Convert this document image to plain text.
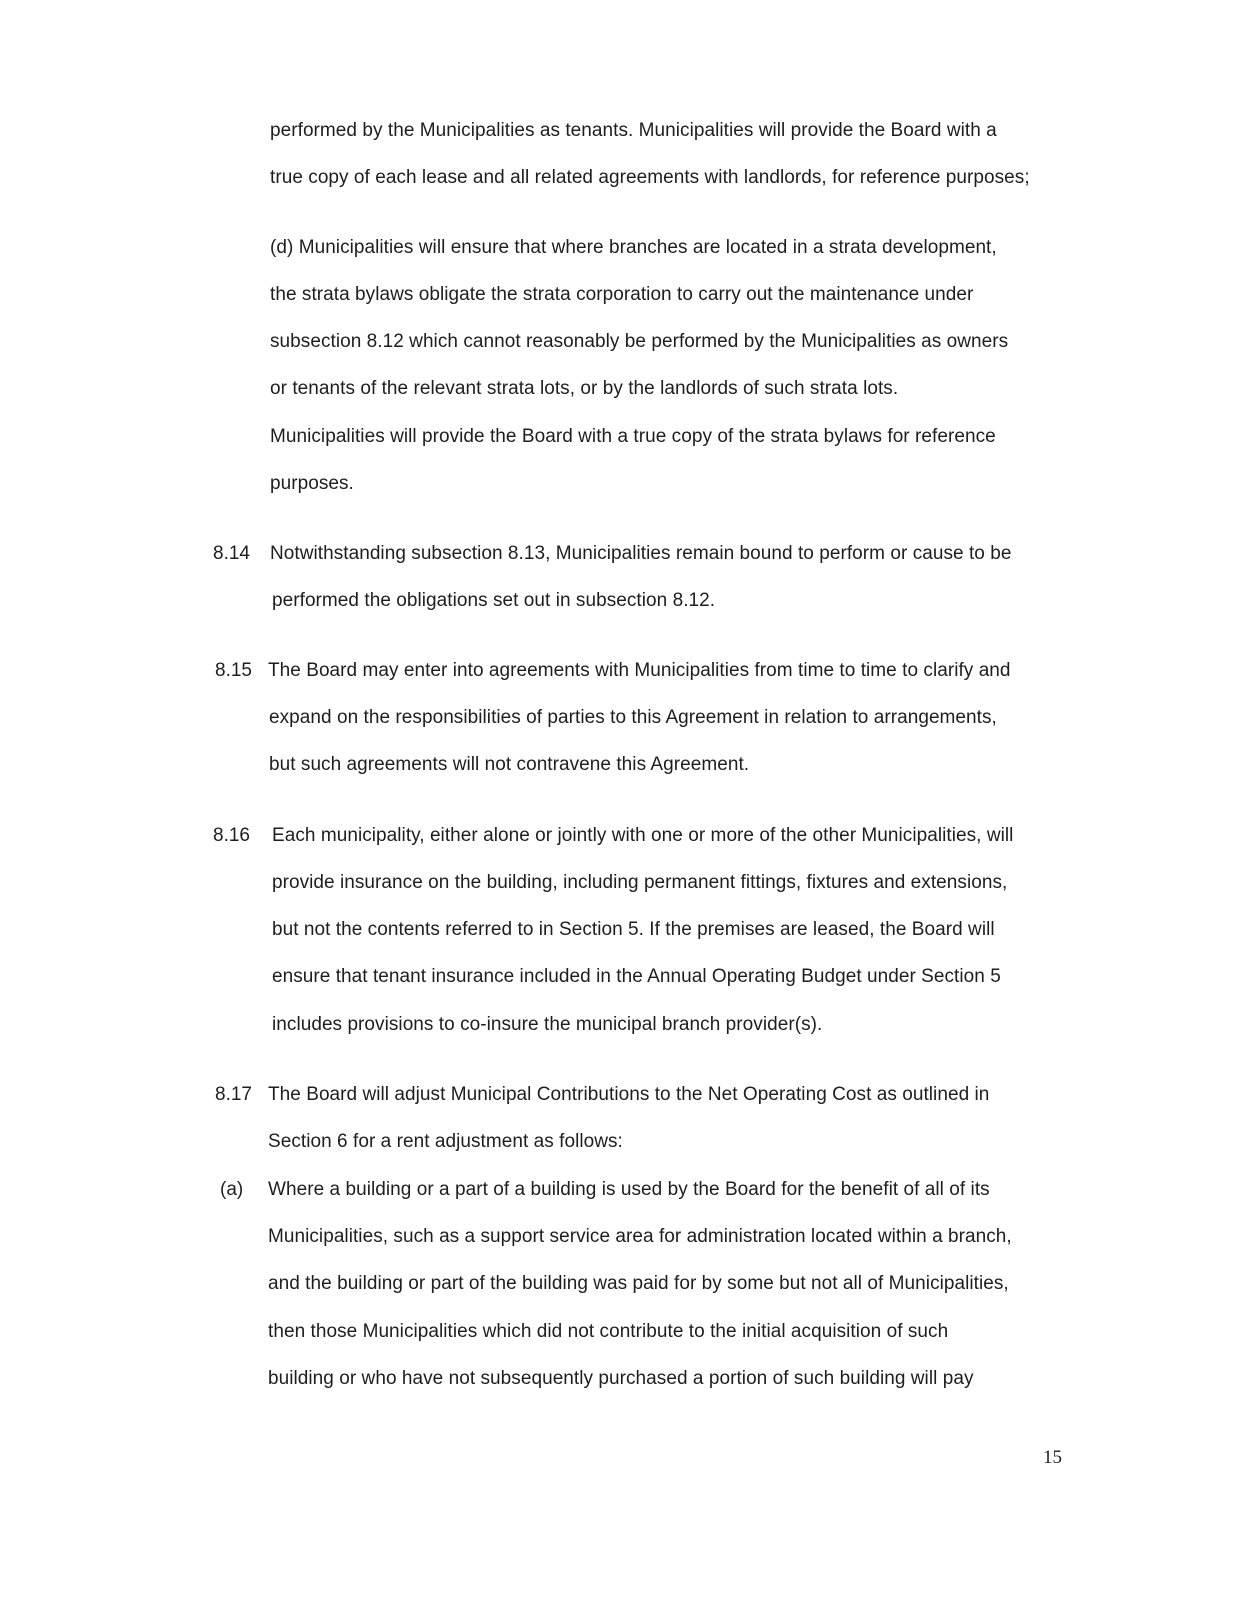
performed by the Municipalities as tenants. Municipalities will provide the Board with a
true copy of each lease and all related agreements with landlords, for reference purposes;
(d) Municipalities will ensure that where branches are located in a strata development,
the strata bylaws obligate the strata corporation to carry out the maintenance under
subsection 8.12 which cannot reasonably be performed by the Municipalities as owners
or tenants of the relevant strata lots, or by the landlords of such strata lots.
Municipalities will provide the Board with a true copy of the strata bylaws for reference
purposes.
8.14 Notwithstanding subsection 8.13, Municipalities remain bound to perform or cause to be
performed the obligations set out in subsection 8.12.
8.15 The Board may enter into agreements with Municipalities from time to time to clarify and
expand on the responsibilities of parties to this Agreement in relation to arrangements,
but such agreements will not contravene this Agreement.
8.16 Each municipality, either alone or jointly with one or more of the other Municipalities, will
provide insurance on the building, including permanent fittings, fixtures and extensions,
but not the contents referred to in Section 5. If the premises are leased, the Board will
ensure that tenant insurance included in the Annual Operating Budget under Section 5
includes provisions to co-insure the municipal branch provider(s).
8.17 The Board will adjust Municipal Contributions to the Net Operating Cost as outlined in
Section 6 for a rent adjustment as follows:
(a) Where a building or a part of a building is used by the Board for the benefit of all of its
Municipalities, such as a support service area for administration located within a branch,
and the building or part of the building was paid for by some but not all of Municipalities,
then those Municipalities which did not contribute to the initial acquisition of such
building or who have not subsequently purchased a portion of such building will pay
15
